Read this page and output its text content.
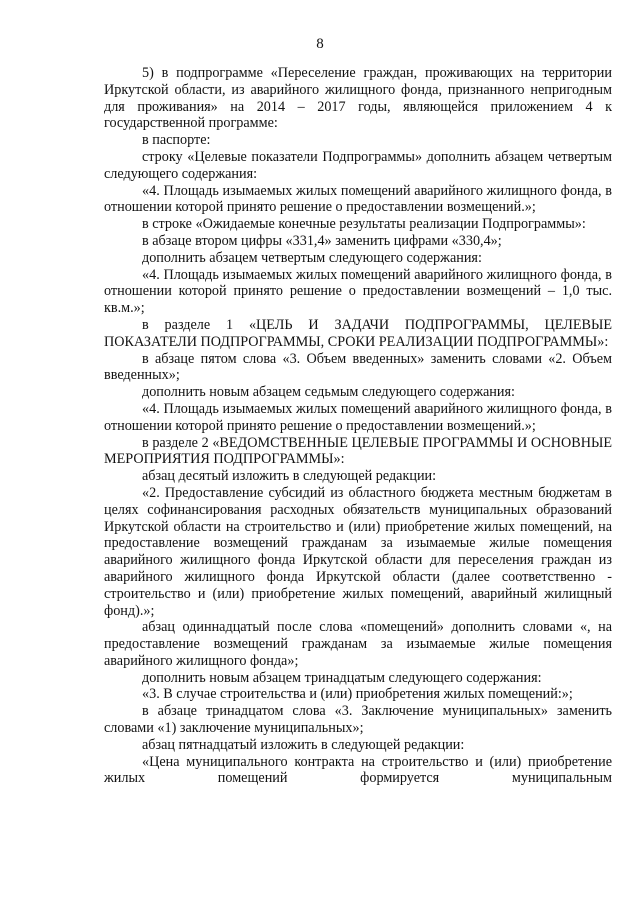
8

5) в подпрограмме «Переселение граждан, проживающих на территории Иркутской области, из аварийного жилищного фонда, признанного непригодным для проживания» на 2014 – 2017 годы, являющейся приложением 4 к государственной программе:

в паспорте:

строку «Целевые показатели Подпрограммы» дополнить абзацем четвертым следующего содержания:

«4. Площадь изымаемых жилых помещений аварийного жилищного фонда, в отношении которой принято решение о предоставлении возмещений.»;

в строке «Ожидаемые конечные результаты реализации Подпрограммы»:

в абзаце втором цифры «331,4» заменить цифрами «330,4»;

дополнить абзацем четвертым следующего содержания:

«4. Площадь изымаемых жилых помещений аварийного жилищного фонда, в отношении которой принято решение о предоставлении возмещений – 1,0 тыс. кв.м.»;

в разделе 1 «ЦЕЛЬ И ЗАДАЧИ ПОДПРОГРАММЫ, ЦЕЛЕВЫЕ ПОКАЗАТЕЛИ ПОДПРОГРАММЫ, СРОКИ РЕАЛИЗАЦИИ ПОДПРОГРАММЫ»:

в абзаце пятом слова «3. Объем введенных» заменить словами «2. Объем введенных»;

дополнить новым абзацем седьмым следующего содержания:

«4. Площадь изымаемых жилых помещений аварийного жилищного фонда, в отношении которой принято решение о предоставлении возмещений.»;

в разделе 2 «ВЕДОМСТВЕННЫЕ ЦЕЛЕВЫЕ ПРОГРАММЫ И ОСНОВНЫЕ МЕРОПРИЯТИЯ ПОДПРОГРАММЫ»:

абзац десятый изложить в следующей редакции:

«2. Предоставление субсидий из областного бюджета местным бюджетам в целях софинансирования расходных обязательств муниципальных образований Иркутской области на строительство и (или) приобретение жилых помещений, на предоставление возмещений гражданам за изымаемые жилые помещения аварийного жилищного фонда Иркутской области для переселения граждан из аварийного жилищного фонда Иркутской области (далее соответственно - строительство и (или) приобретение жилых помещений, аварийный жилищный фонд).»;

абзац одиннадцатый после слова «помещений» дополнить словами «, на предоставление возмещений гражданам за изымаемые жилые помещения аварийного жилищного фонда»;

дополнить новым абзацем тринадцатым следующего содержания:

«3. В случае строительства и (или) приобретения жилых помещений:»;

в абзаце тринадцатом слова «3. Заключение муниципальных» заменить словами «1) заключение муниципальных»;

абзац пятнадцатый изложить в следующей редакции:

«Цена муниципального контракта на строительство и (или) приобретение жилых помещений формируется муниципальным
